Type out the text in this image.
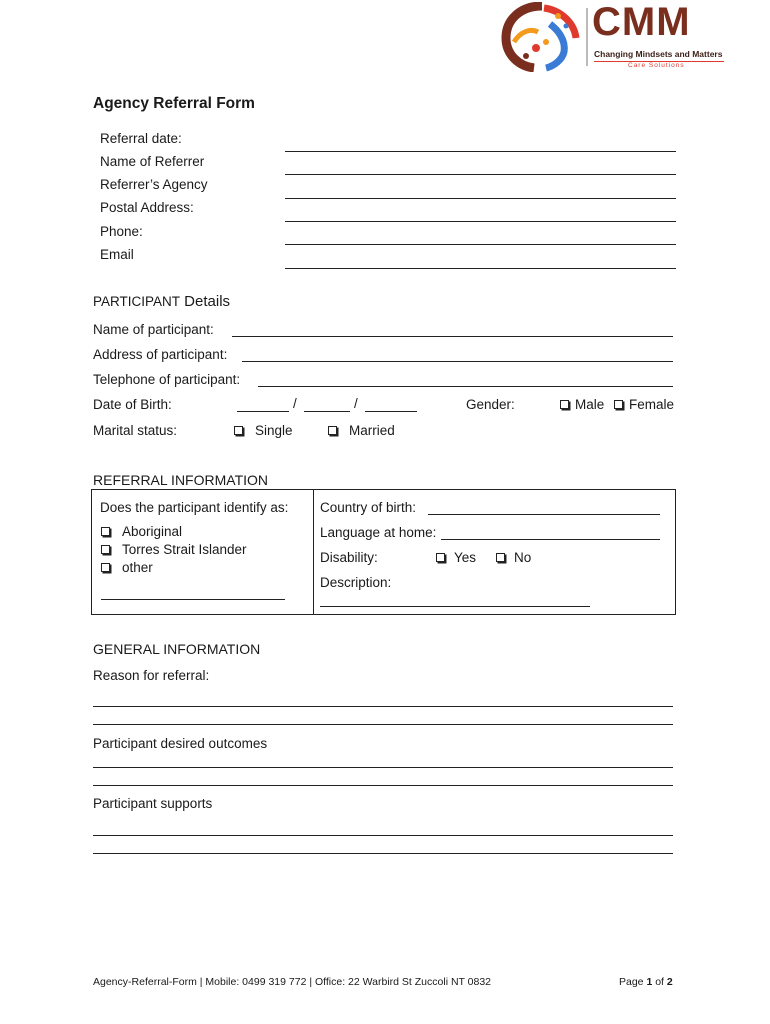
CMM
Changing Mindsets and Matters
Care Solutions
Agency Referral Form
Referral date:
Name of Referrer
Referrer’s Agency
Postal Address:
Phone:
Email
PARTICIPANT Details
Name of participant:
Address of participant:
Telephone of participant:
Date of Birth:	/	/	Gender:	Male	Female
Marital status:	Single	Married
REFERRAL INFORMATION
Does the participant identify as:
Aboriginal
Torres Strait Islander
other
Country of birth:
Language at home:
Disability:	Yes	No
Description:
GENERAL INFORMATION
Reason for referral:
Participant desired outcomes
Participant supports
Agency-Referral-Form | Mobile: 0499 319 772 | Office: 22 Warbird St Zuccoli NT 0832	Page 1 of 2
